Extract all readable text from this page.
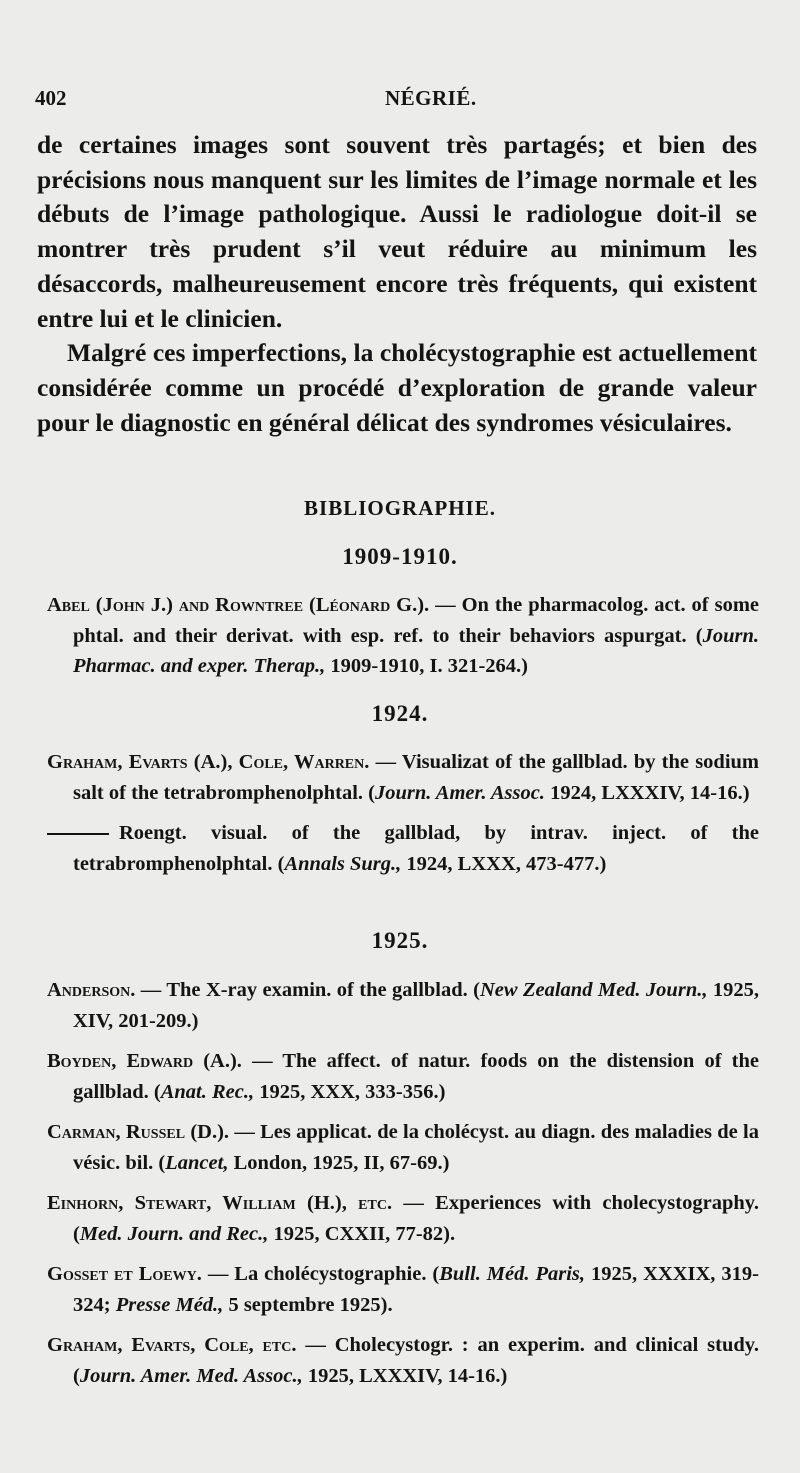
402	NÉGRIÉ.

de certaines images sont souvent très partagés; et bien des précisions nous manquent sur les limites de l’image normale et les débuts de l’image pathologique. Aussi le radiologue doit-il se montrer très prudent s’il veut réduire au minimum les désaccords, malheureusement encore très fréquents, qui existent entre lui et le clinicien.

Malgré ces imperfections, la cholécystographie est actuellement considérée comme un procédé d’exploration de grande valeur pour le diagnostic en général délicat des syndromes vésiculaires.

BIBLIOGRAPHIE.
1909-1910.

Abel (John J.) and Rowntree (Léonard G.). — On the pharmacolog. act. of some phtal. and their derivat. with esp. ref. to their behaviors aspurgat. (Journ. Pharmac. and exper. Therap., 1909-1910, I. 321-264.)

1924.

Graham, Evarts (A.), Cole, Warren. — Visualizat of the gallblad. by the sodium salt of the tetrabromphenolphtal. (Journ. Amer. Assoc. 1924, LXXXIV, 14-16.)

Roengt. visual. of the gallblad, by intrav. inject. of the tetrabromphenolphtal. (Annals Surg., 1924, LXXX, 473-477.)

1925.

Anderson. — The X-ray examin. of the gallblad. (New Zealand Med. Journ., 1925, XIV, 201-209.)

Boyden, Edward (A.). — The affect. of natur. foods on the distension of the gallblad. (Anat. Rec., 1925, XXX, 333-356.)

Carman, Russel (D.). — Les applicat. de la cholécyst. au diagn. des maladies de la vésic. bil. (Lancet, London, 1925, II, 67-69.)

Einhorn, Stewart, William (H.), etc. — Experiences with cholecystography. (Med. Journ. and Rec., 1925, CXXII, 77-82).

Gosset et Loewy. — La cholécystographie. (Bull. Méd. Paris, 1925, XXXIX, 319-324; Presse Méd., 5 septembre 1925).

Graham, Evarts, Cole, etc. — Cholecystogr. : an experim. and clinical study. (Journ. Amer. Med. Assoc., 1925, LXXXIV, 14-16.)
